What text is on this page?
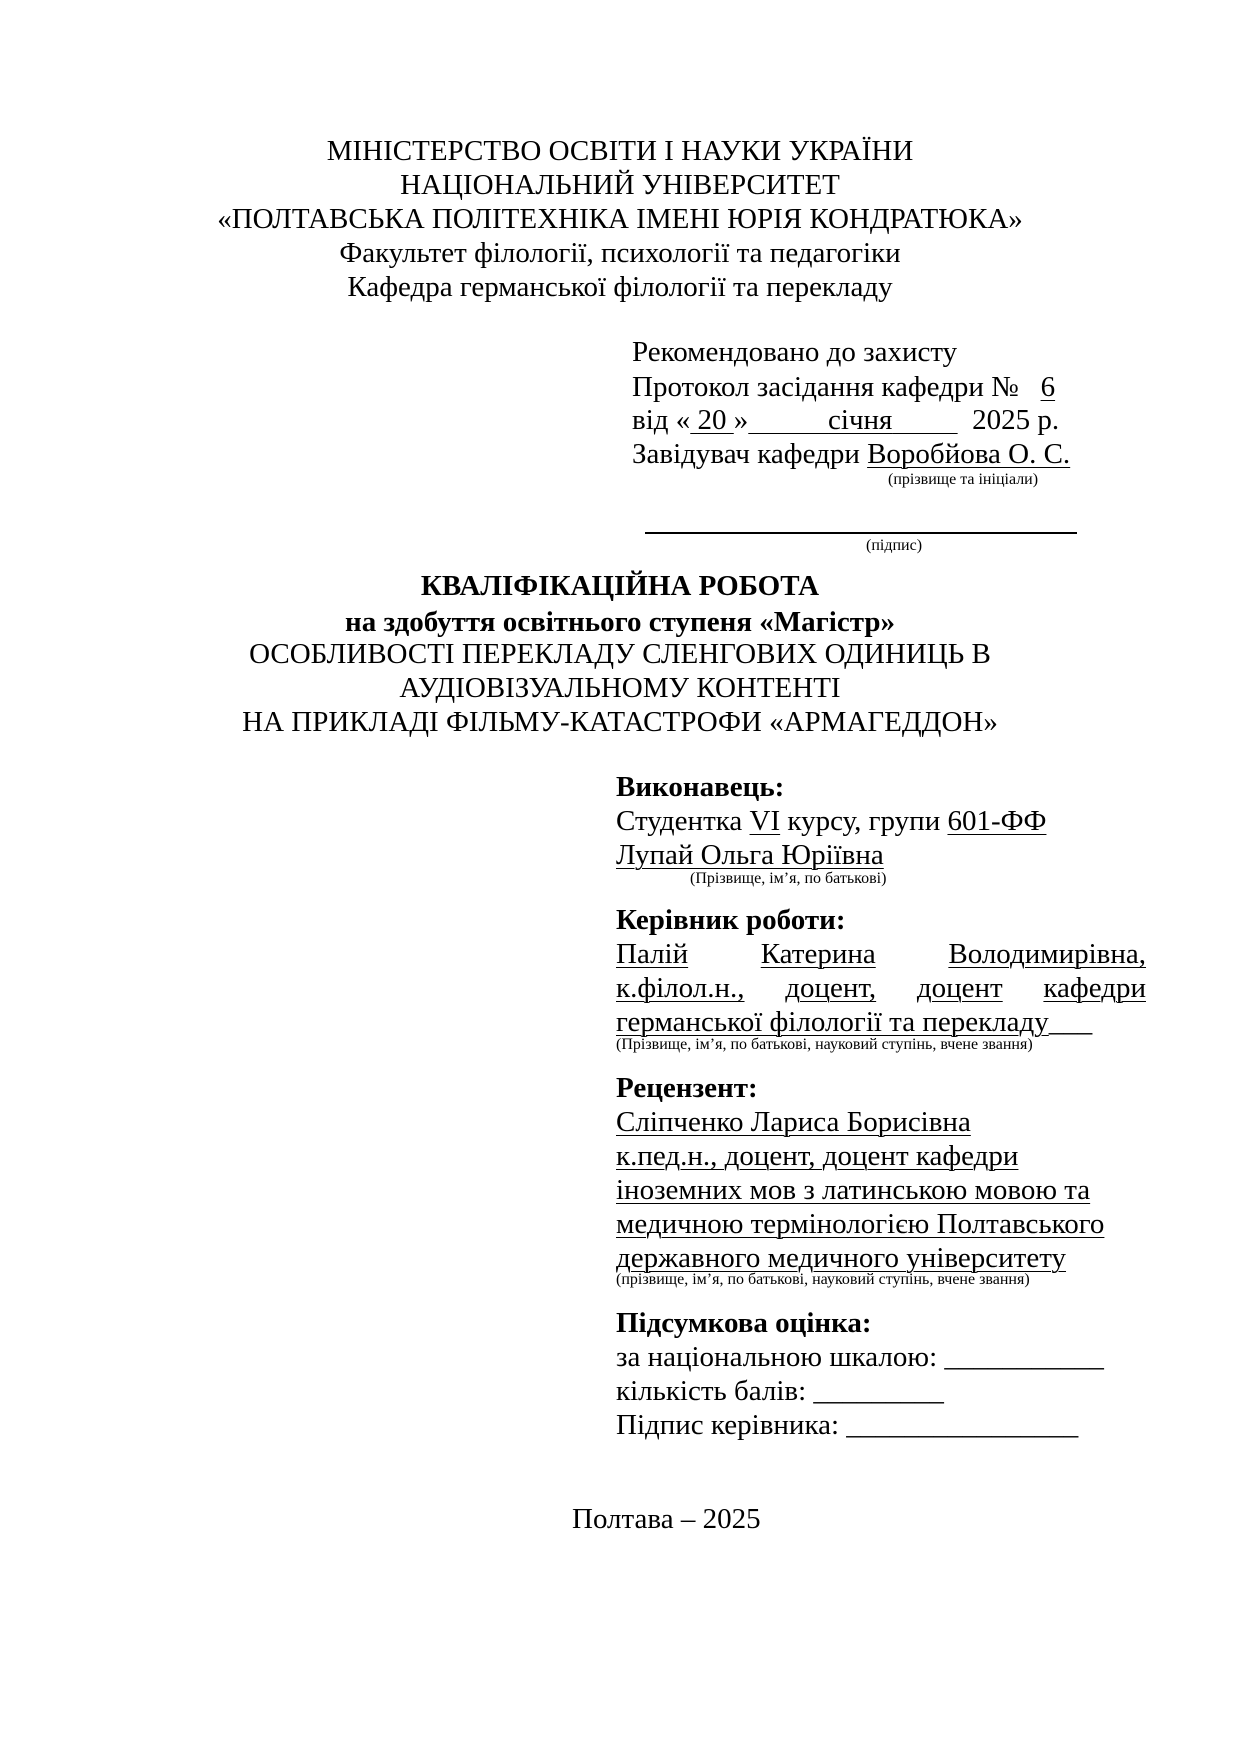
МІНІСТЕРСТВО ОСВІТИ І НАУКИ УКРАЇНИ
НАЦІОНАЛЬНИЙ УНІВЕРСИТЕТ
«ПОЛТАВСЬКА ПОЛІТЕХНІКА ІМЕНІ ЮРІЯ КОНДРАТЮКА»
Факультет філології, психології та педагогіки
Кафедра германської філології та перекладу
Рекомендовано до захисту
Протокол засідання кафедри № 6
від « 20 »	січня	2025 р.
Завідувач кафедри Воробйова О. С.
(прізвище та ініціали)
(підпис)
КВАЛІФІКАЦІЙНА РОБОТА
на здобуття освітнього ступеня «Магістр»
ОСОБЛИВОСТІ ПЕРЕКЛАДУ СЛЕНГОВИХ ОДИНИЦЬ В
АУДІОВІЗУАЛЬНОМУ КОНТЕНТІ
НА ПРИКЛАДІ ФІЛЬМУ-КАТАСТРОФИ «АРМАГЕДДОН»
Виконавець:
Студентка VI курсу, групи 601-ФФ
Лупай Ольга Юріївна
(Прізвище, ім’я, по батькові)
Керівник роботи:
Палій	Катерина	Володимирівна,
к.філол.н., доцент, доцент кафедри
германської філології та перекладу___
(Прізвище, ім’я, по батькові, науковий ступінь, вчене звання)
Рецензент:
Сліпченко Лариса Борисівна
к.пед.н., доцент, доцент кафедри
іноземних мов з латинською мовою та
медичною термінологією Полтавського
державного медичного університету
(прізвище, ім’я, по батькові, науковий ступінь, вчене звання)
Підсумкова оцінка:
за національною шкалою: ___________
кількість балів: _________
Підпис керівника: ________________
Полтава – 2025
